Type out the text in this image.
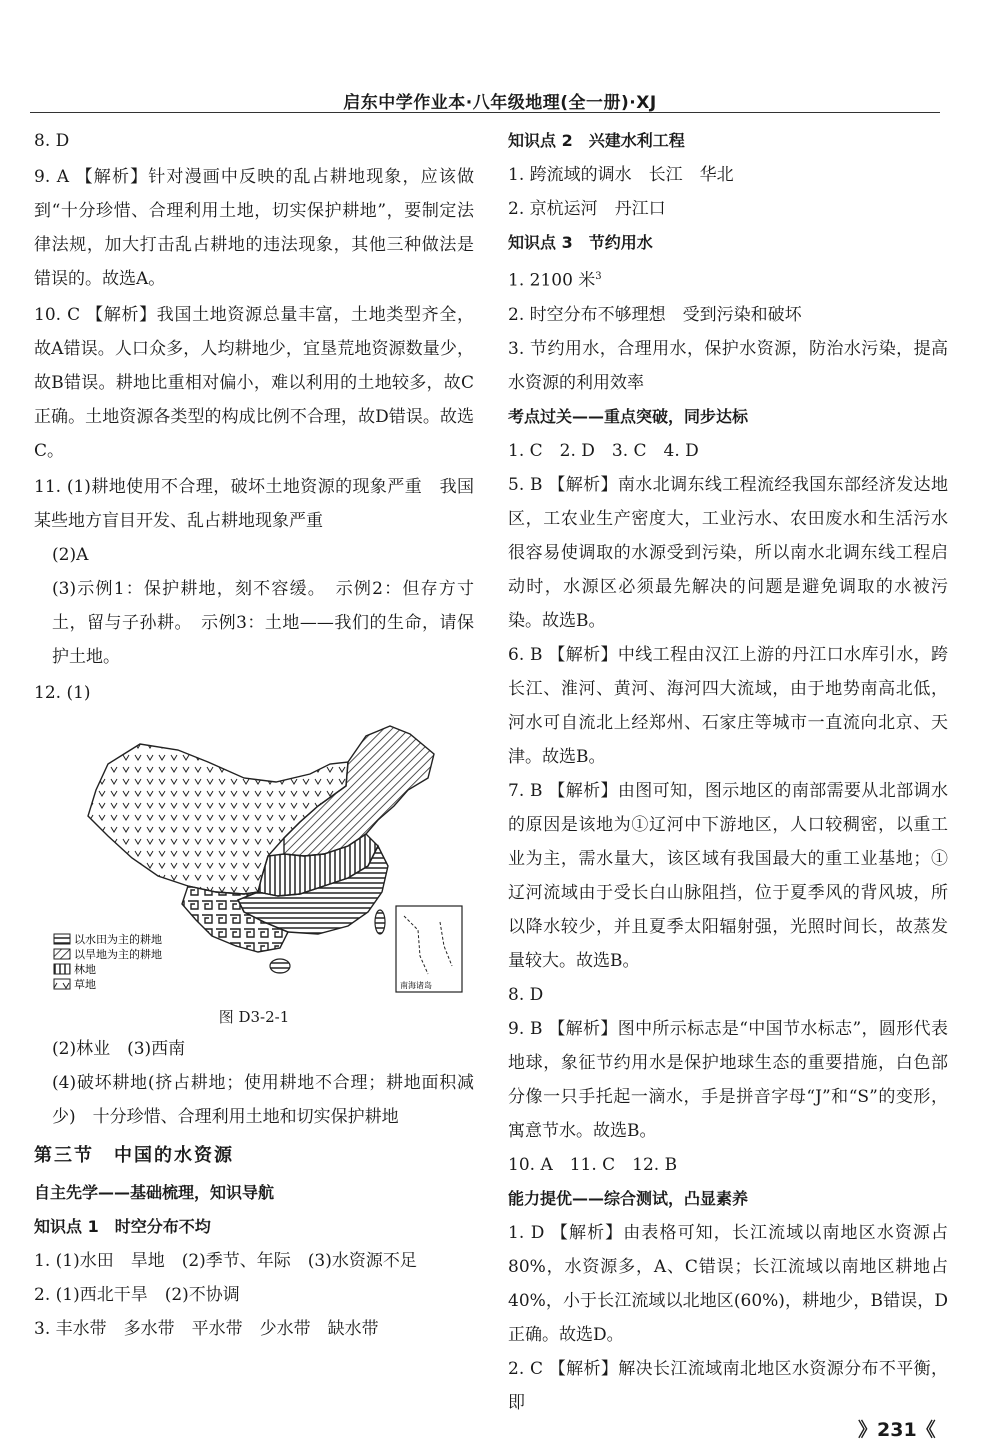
启东中学作业本·八年级地理(全一册)·XJ

8. D

9. A 【解析】针对漫画中反映的乱占耕地现象，应该做到“十分珍惜、合理利用土地，切实保护耕地”，要制定法律法规，加大打击乱占耕地的违法现象，其他三种做法是错误的。故选A。

10. C 【解析】我国土地资源总量丰富，土地类型齐全，故A错误。人口众多，人均耕地少，宜垦荒地资源数量少，故B错误。耕地比重相对偏小，难以利用的土地较多，故C正确。土地资源各类型的构成比例不合理，故D错误。故选C。

11. (1)耕地使用不合理，破坏土地资源的现象严重　我国某些地方盲目开发、乱占耕地现象严重

(2)A

(3)示例1：保护耕地，刻不容缓。　示例2：但存方寸土，留与子孙耕。　示例3：土地——我们的生命，请保护土地。

12. (1)

南海诸岛
以水田为主的耕地
以旱地为主的耕地
林地
草地
图 D3-2-1

(2)林业　(3)西南

(4)破坏耕地(挤占耕地；使用耕地不合理；耕地面积减少)　十分珍惜、合理利用土地和切实保护耕地

第三节　中国的水资源
自主先学——基础梳理，知识导航
知识点 1　时空分布不均

1. (1)水田　旱地　(2)季节、年际　(3)水资源不足

2. (1)西北干旱　(2)不协调

3. 丰水带　多水带　平水带　少水带　缺水带

知识点 2　兴建水利工程

1. 跨流域的调水　长江　华北

2. 京杭运河　丹江口

知识点 3　节约用水

1. 2100 米$^3$

2. 时空分布不够理想　受到污染和破坏

3. 节约用水，合理用水，保护水资源，防治水污染，提高水资源的利用效率

考点过关——重点突破，同步达标

1. C　2. D　3. C　4. D

5. B 【解析】南水北调东线工程流经我国东部经济发达地区，工农业生产密度大，工业污水、农田废水和生活污水很容易使调取的水源受到污染，所以南水北调东线工程启动时，水源区必须最先解决的问题是避免调取的水被污染。故选B。

6. B 【解析】中线工程由汉江上游的丹江口水库引水，跨长江、淮河、黄河、海河四大流域，由于地势南高北低，河水可自流北上经郑州、石家庄等城市一直流向北京、天津。故选B。

7. B 【解析】由图可知，图示地区的南部需要从北部调水的原因是该地为①辽河中下游地区，人口较稠密，以重工业为主，需水量大，该区域有我国最大的重工业基地；①辽河流域由于受长白山脉阻挡，位于夏季风的背风坡，所以降水较少，并且夏季太阳辐射强，光照时间长，故蒸发量较大。故选B。

8. D

9. B 【解析】图中所示标志是“中国节水标志”，圆形代表地球，象征节约用水是保护地球生态的重要措施，白色部分像一只手托起一滴水，手是拼音字母“J”和“S”的变形，寓意节水。故选B。

10. A　11. C　12. B

能力提优——综合测试，凸显素养

1. D 【解析】由表格可知，长江流域以南地区水资源占80%，水资源多，A、C错误；长江流域以南地区耕地占40%，小于长江流域以北地区(60%)，耕地少，B错误，D正确。故选D。

2. C 【解析】解决长江流域南北地区水资源分布不平衡，即

》231《
